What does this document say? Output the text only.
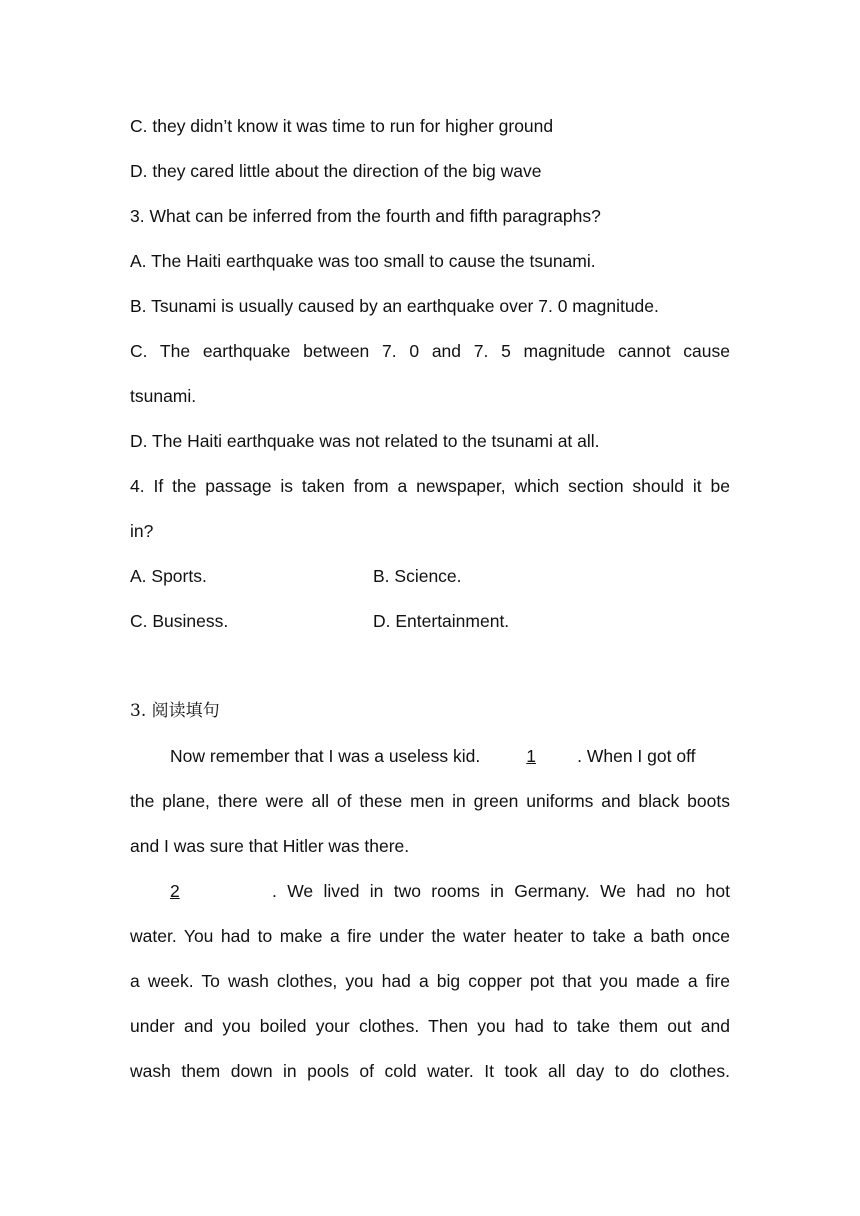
C. they didn’t know it was time to run for higher ground
D. they cared little about the direction of the big wave
3. What can be inferred from the fourth and fifth paragraphs?
A. The Haiti earthquake was too small to cause the tsunami.
B. Tsunami is usually caused by an earthquake over 7. 0 magnitude.
C. The earthquake between 7. 0 and 7. 5 magnitude cannot cause
tsunami.
D. The Haiti earthquake was not related to the tsunami at all.
4. If the passage is taken from a newspaper, which section should it be
in?
A. Sports.	B. Science.
C. Business.	D. Entertainment.
3. 阅读填句
Now remember that I was a useless kid. 1 . When I got off
the plane, there were all of these men in green uniforms and black boots
and I was sure that Hitler was there.
2	. We lived in two rooms in Germany. We had no hot
water. You had to make a fire under the water heater to take a bath once
a week. To wash clothes, you had a big copper pot that you made a fire
under and you boiled your clothes. Then you had to take them out and
wash them down in pools of cold water. It took all day to do clothes.
